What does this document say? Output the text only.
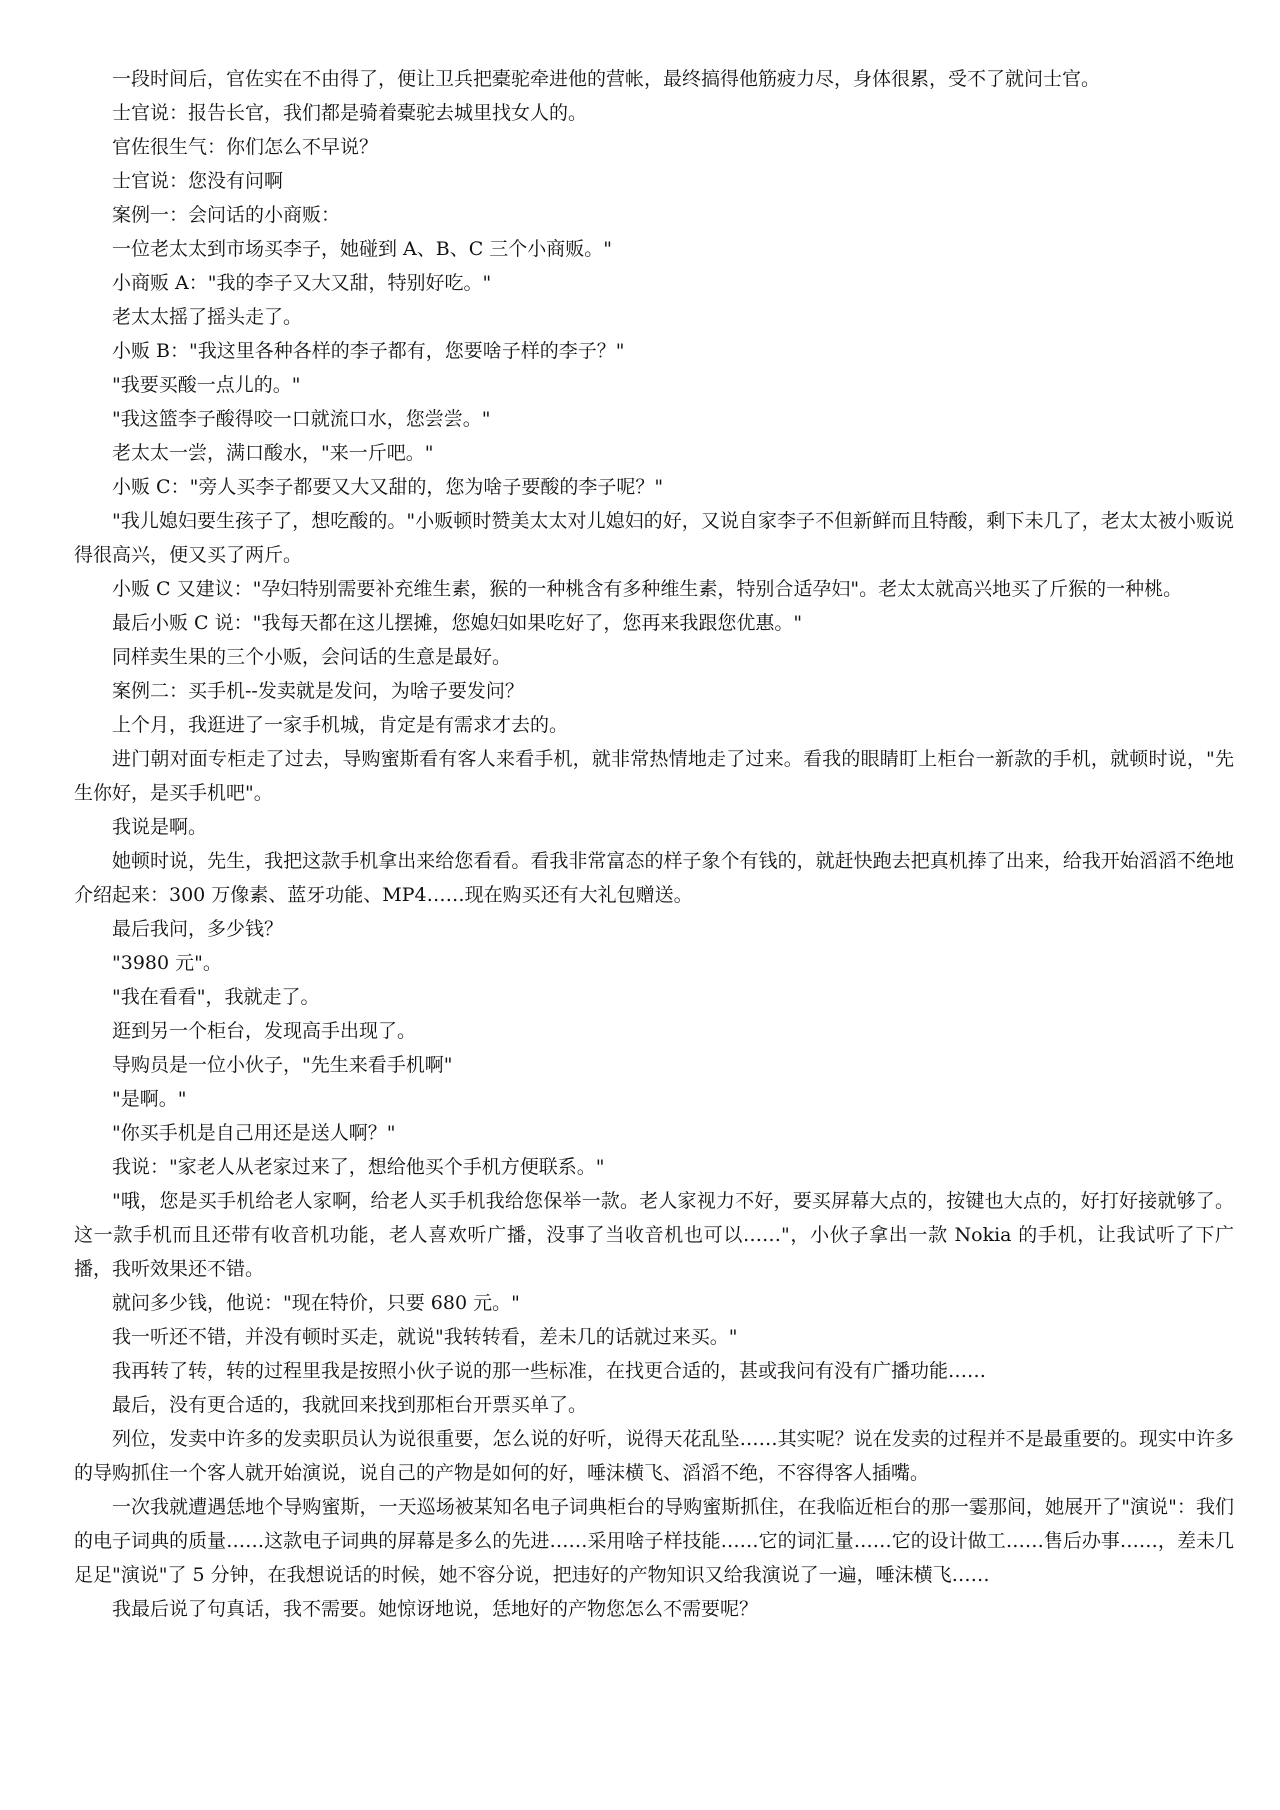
一段时间后，官佐实在不由得了，便让卫兵把橐驼牵进他的营帐，最终搞得他筋疲力尽，身体很累，受不了就问士官。

士官说：报告长官，我们都是骑着橐驼去城里找女人的。

官佐很生气：你们怎么不早说？

士官说：您没有问啊

案例一：会问话的小商贩：

一位老太太到市场买李子，她碰到 A、B、C 三个小商贩。"

小商贩 A："我的李子又大又甜，特别好吃。"

老太太摇了摇头走了。

小贩 B："我这里各种各样的李子都有，您要啥子样的李子？"

"我要买酸一点儿的。"

"我这篮李子酸得咬一口就流口水，您尝尝。"

老太太一尝，满口酸水，"来一斤吧。"

小贩 C："旁人买李子都要又大又甜的，您为啥子要酸的李子呢？"

"我儿媳妇要生孩子了，想吃酸的。"小贩顿时赞美太太对儿媳妇的好，又说自家李子不但新鲜而且特酸，剩下未几了，老太太被小贩说得很高兴，便又买了两斤。

小贩 C 又建议："孕妇特别需要补充维生素，猴的一种桃含有多种维生素，特别合适孕妇"。老太太就高兴地买了斤猴的一种桃。

最后小贩 C 说："我每天都在这儿摆摊，您媳妇如果吃好了，您再来我跟您优惠。"

同样卖生果的三个小贩，会问话的生意是最好。

案例二：买手机--发卖就是发问，为啥子要发问？

上个月，我逛进了一家手机城，肯定是有需求才去的。

进门朝对面专柜走了过去，导购蜜斯看有客人来看手机，就非常热情地走了过来。看我的眼睛盯上柜台一新款的手机，就顿时说，"先生你好，是买手机吧"。

我说是啊。

她顿时说，先生，我把这款手机拿出来给您看看。看我非常富态的样子象个有钱的，就赶快跑去把真机捧了出来，给我开始滔滔不绝地介绍起来：300 万像素、蓝牙功能、MP4……现在购买还有大礼包赠送。

最后我问，多少钱？

"3980 元"。

"我在看看"，我就走了。

逛到另一个柜台，发现高手出现了。

导购员是一位小伙子，"先生来看手机啊"

"是啊。"

"你买手机是自己用还是送人啊？"

我说："家老人从老家过来了，想给他买个手机方便联系。"

"哦，您是买手机给老人家啊，给老人买手机我给您保举一款。老人家视力不好，要买屏幕大点的，按键也大点的，好打好接就够了。这一款手机而且还带有收音机功能，老人喜欢听广播，没事了当收音机也可以……"，小伙子拿出一款 Nokia 的手机，让我试听了下广播，我听效果还不错。

就问多少钱，他说："现在特价，只要 680 元。"

我一听还不错，并没有顿时买走，就说"我转转看，差未几的话就过来买。"

我再转了转，转的过程里我是按照小伙子说的那一些标准，在找更合适的，甚或我问有没有广播功能……

最后，没有更合适的，我就回来找到那柜台开票买单了。

列位，发卖中许多的发卖职员认为说很重要，怎么说的好听，说得天花乱坠……其实呢？说在发卖的过程并不是最重要的。现实中许多的导购抓住一个客人就开始演说，说自己的产物是如何的好，唾沫横飞、滔滔不绝，不容得客人插嘴。

一次我就遭遇恁地个导购蜜斯，一天巡场被某知名电子词典柜台的导购蜜斯抓住，在我临近柜台的那一霎那间，她展开了"演说"：我们的电子词典的质量……这款电子词典的屏幕是多么的先进……采用啥子样技能……它的词汇量……它的设计做工……售后办事……，差未几足足"演说"了 5 分钟，在我想说话的时候，她不容分说，把违好的产物知识又给我演说了一遍，唾沫横飞……

我最后说了句真话，我不需要。她惊讶地说，恁地好的产物您怎么不需要呢？
